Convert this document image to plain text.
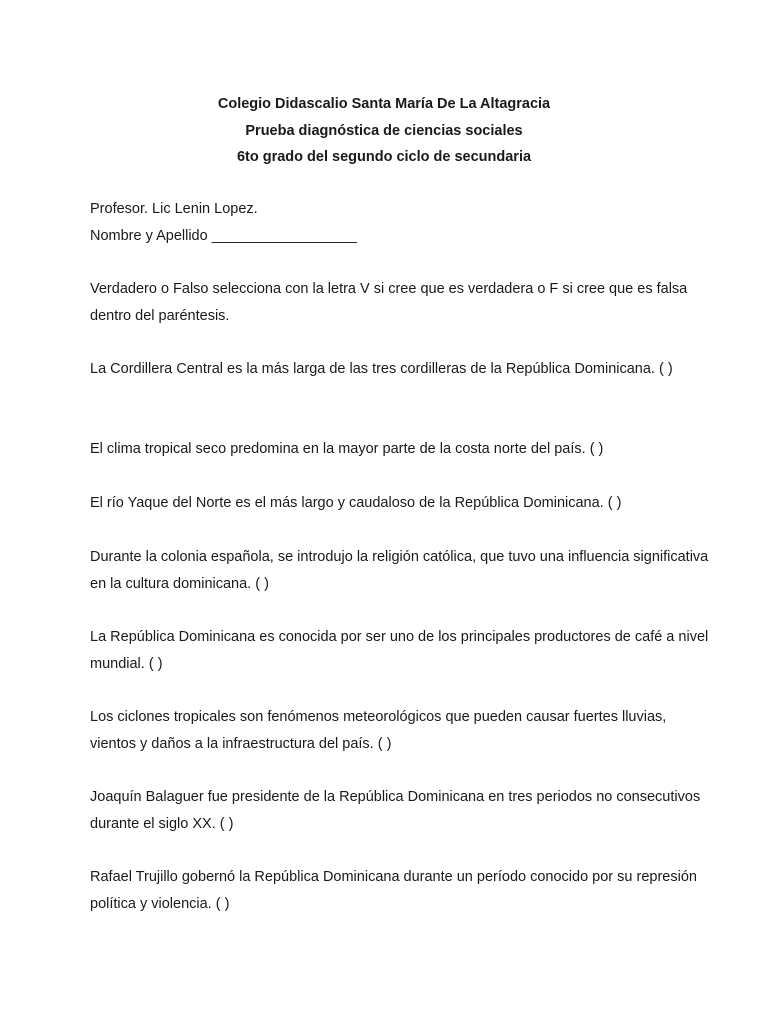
Colegio Didascalio Santa María De La Altagracia

Prueba diagnóstica de ciencias sociales

6to grado del segundo ciclo de secundaria

Profesor. Lic Lenin Lopez.

Nombre y Apellido __________________

Verdadero o Falso selecciona con la letra V si cree que es verdadera o F si cree que es falsa dentro del paréntesis.

La Cordillera Central es la más larga de las tres cordilleras de la República Dominicana. ( )

El clima tropical seco predomina en la mayor parte de la costa norte del país. ( )

El río Yaque del Norte es el más largo y caudaloso de la República Dominicana. ( )

Durante la colonia española, se introdujo la religión católica, que tuvo una influencia significativa en la cultura dominicana. ( )

La República Dominicana es conocida por ser uno de los principales productores de café a nivel mundial. ( )

Los ciclones tropicales son fenómenos meteorológicos que pueden causar fuertes lluvias, vientos y daños a la infraestructura del país. ( )

Joaquín Balaguer fue presidente de la República Dominicana en tres periodos no consecutivos durante el siglo XX. ( )

Rafael Trujillo gobernó la República Dominicana durante un período conocido por su represión política y violencia. ( )
